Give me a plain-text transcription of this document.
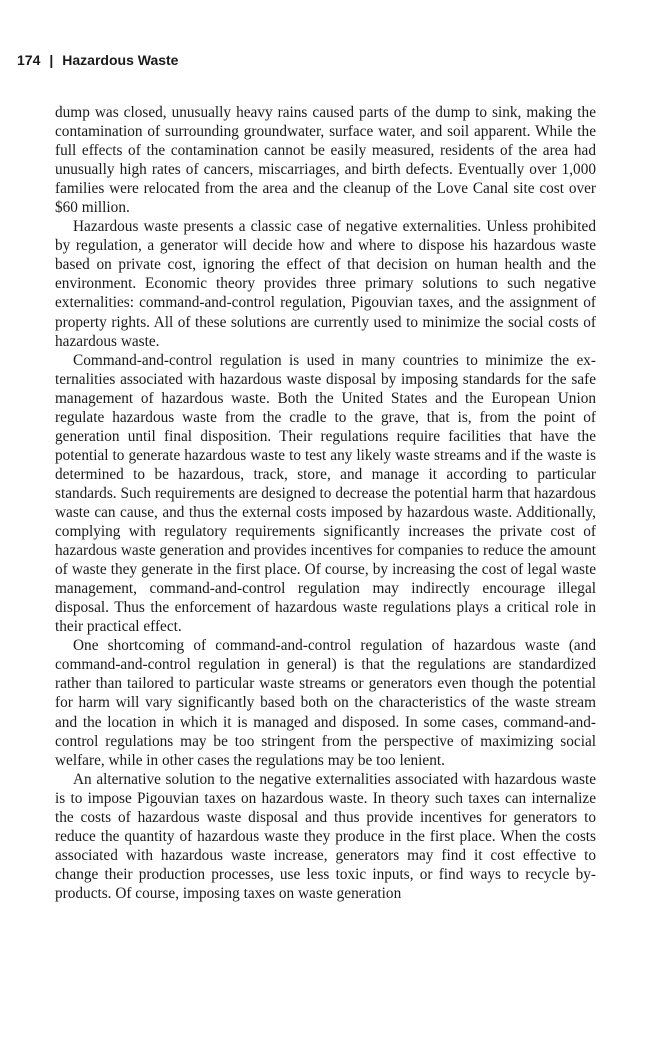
174 | Hazardous Waste

dump was closed, unusually heavy rains caused parts of the dump to sink, making the contamination of surrounding groundwater, surface water, and soil apparent. While the full effects of the contamination cannot be easily measured, residents of the area had unusually high rates of cancers, miscarriages, and birth defects. Eventually over 1,000 families were relocated from the area and the cleanup of the Love Canal site cost over $60 million.

Hazardous waste presents a classic case of negative externalities. Unless prohibited by regulation, a generator will decide how and where to dispose his hazardous waste based on private cost, ignoring the effect of that decision on human health and the environment. Economic theory provides three primary solutions to such negative externalities: command-and-control regulation, Pigouvian taxes, and the assignment of property rights. All of these solutions are currently used to minimize the social costs of hazardous waste.

Command-and-control regulation is used in many countries to minimize the externalities associated with hazardous waste disposal by imposing standards for the safe management of hazardous waste. Both the United States and the European Union regulate hazardous waste from the cradle to the grave, that is, from the point of generation until final disposition. Their regulations require facilities that have the potential to generate hazardous waste to test any likely waste streams and if the waste is determined to be hazardous, track, store, and manage it according to particular standards. Such requirements are designed to decrease the potential harm that hazardous waste can cause, and thus the external costs imposed by hazardous waste. Additionally, complying with regulatory requirements significantly increases the private cost of hazardous waste generation and provides incentives for companies to reduce the amount of waste they generate in the first place. Of course, by increasing the cost of legal waste management, command-and-control regulation may indirectly encourage illegal disposal. Thus the enforcement of hazardous waste regulations plays a critical role in their practical effect.

One shortcoming of command-and-control regulation of hazardous waste (and command-and-control regulation in general) is that the regulations are standardized rather than tailored to particular waste streams or generators even though the potential for harm will vary significantly based both on the characteristics of the waste stream and the location in which it is managed and disposed. In some cases, command-and-control regulations may be too stringent from the perspective of maximizing social welfare, while in other cases the regulations may be too lenient.

An alternative solution to the negative externalities associated with hazardous waste is to impose Pigouvian taxes on hazardous waste. In theory such taxes can internalize the costs of hazardous waste disposal and thus provide incentives for generators to reduce the quantity of hazardous waste they produce in the first place. When the costs associated with hazardous waste increase, generators may find it cost effective to change their production processes, use less toxic inputs, or find ways to recycle by-products. Of course, imposing taxes on waste generation
